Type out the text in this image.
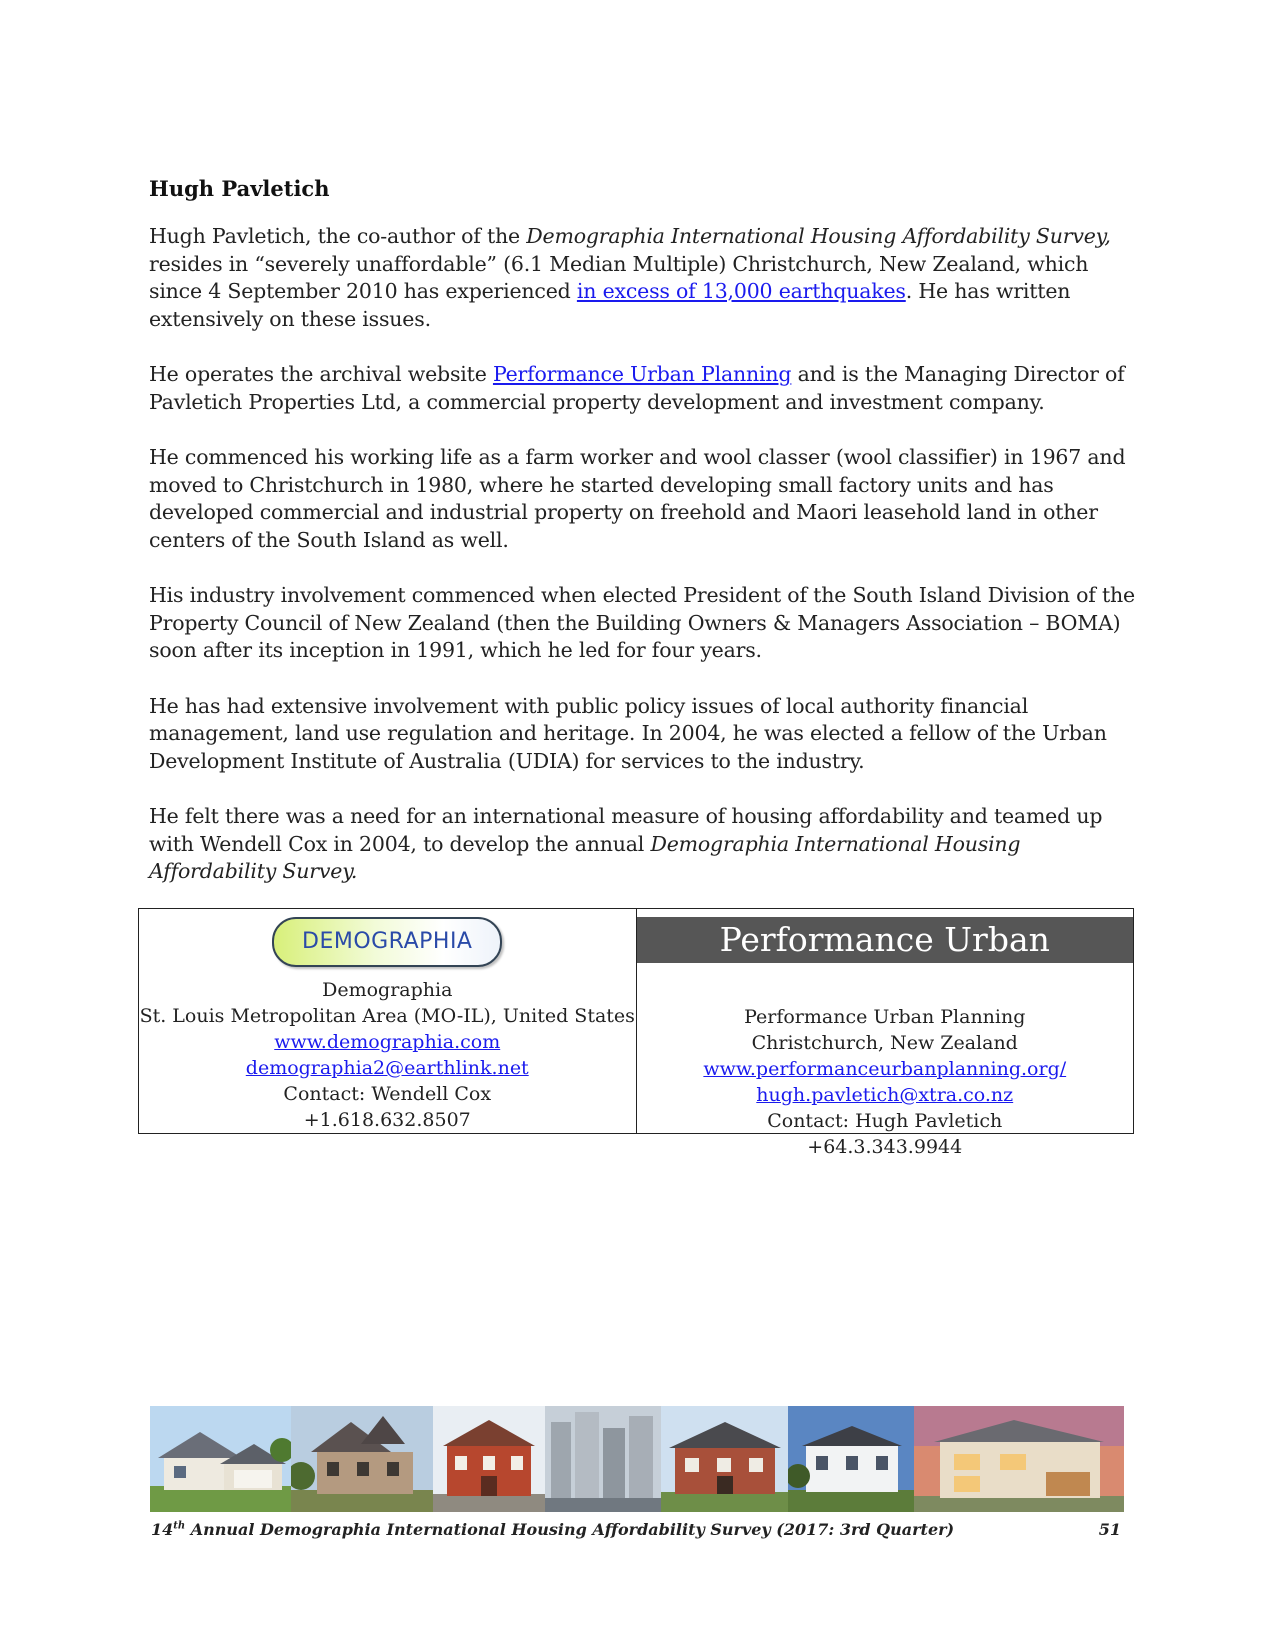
Hugh Pavletich

Hugh Pavletich, the co-author of the Demographia International Housing Affordability Survey, resides in “severely unaffordable” (6.1 Median Multiple) Christchurch, New Zealand, which since 4 September 2010 has experienced in excess of 13,000 earthquakes. He has written extensively on these issues.

He operates the archival website Performance Urban Planning and is the Managing Director of Pavletich Properties Ltd, a commercial property development and investment company.

He commenced his working life as a farm worker and wool classer (wool classifier) in 1967 and moved to Christchurch in 1980, where he started developing small factory units and has developed commercial and industrial property on freehold and Maori leasehold land in other centers of the South Island as well.

His industry involvement commenced when elected President of the South Island Division of the Property Council of New Zealand (then the Building Owners & Managers Association – BOMA) soon after its inception in 1991, which he led for four years.

He has had extensive involvement with public policy issues of local authority financial management, land use regulation and heritage. In 2004, he was elected a fellow of the Urban Development Institute of Australia (UDIA) for services to the industry.

He felt there was a need for an international measure of housing affordability and teamed up with Wendell Cox in 2004, to develop the annual Demographia International Housing Affordability Survey.

DEMOGRAPHIA
Demographia
St. Louis Metropolitan Area (MO-IL), United States
www.demographia.com
demographia2@earthlink.net
Contact: Wendell Cox
+1.618.632.8507
Performance Urban Planning
Performance Urban Planning
Christchurch, New Zealand
www.performanceurbanplanning.org/
hugh.pavletich@xtra.co.nz
Contact: Hugh Pavletich
+64.3.343.9944
14th Annual Demographia International Housing Affordability Survey (2017: 3rd Quarter)	51
